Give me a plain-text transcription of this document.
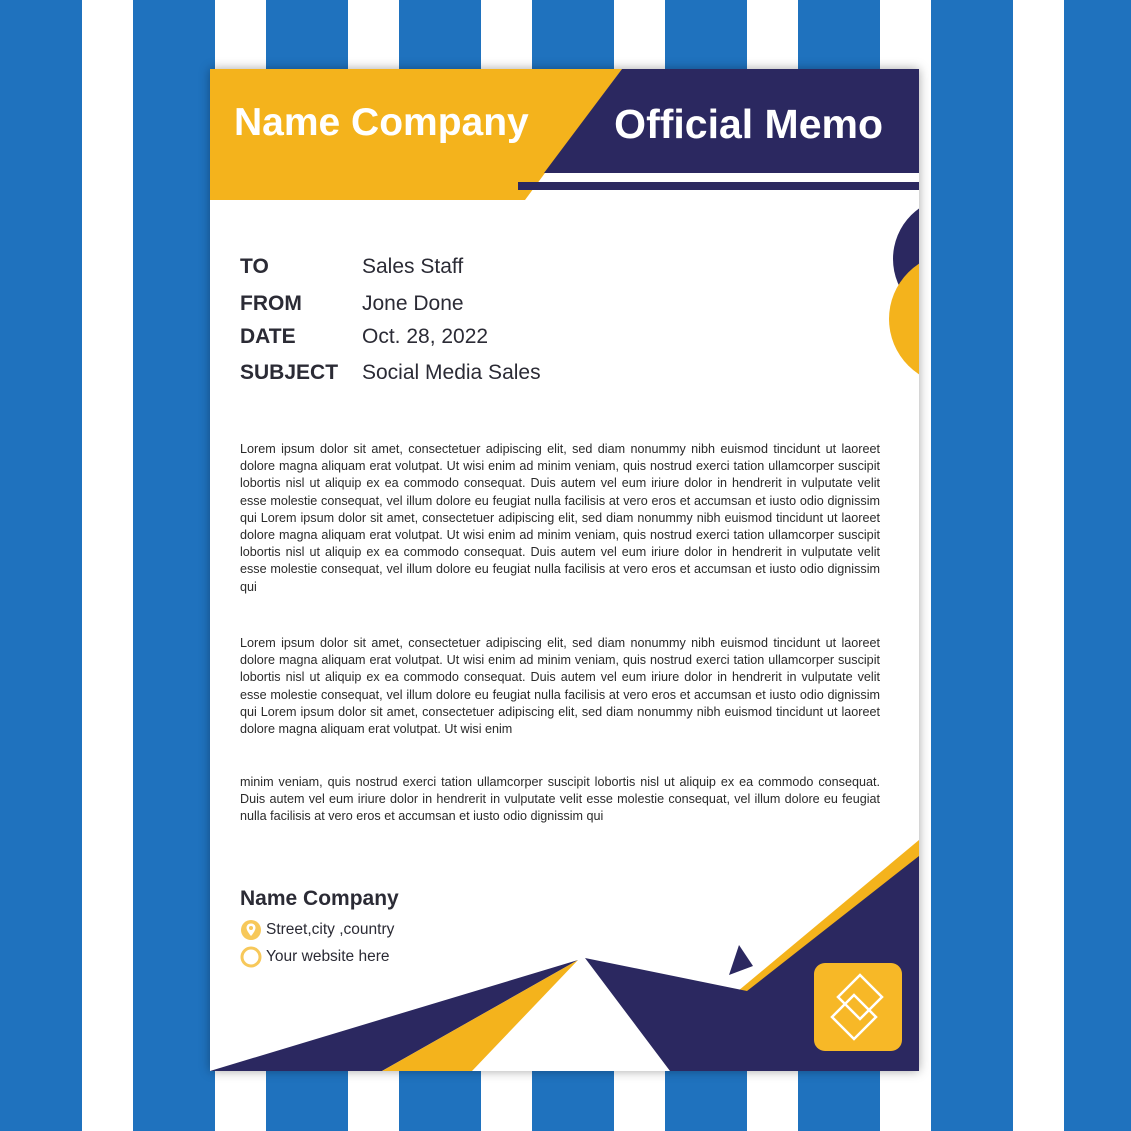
Name Company Official Memo
TO	Sales Staff
FROM	Jone Done
DATE	Oct. 28, 2022
SUBJECT Social Media Sales

Lorem ipsum dolor sit amet, consectetuer adipiscing elit, sed diam nonummy nibh euismod tincidunt ut laoreet dolore magna aliquam erat volutpat. Ut wisi enim ad minim veniam, quis nostrud exerci tation ullamcorper suscipit lobortis nisl ut aliquip ex ea commodo consequat. Duis autem vel eum iriure dolor in hendrerit in vulputate velit esse molestie consequat, vel illum dolore eu feugiat nulla facilisis at vero eros et accumsan et iusto odio dignissim qui Lorem ipsum dolor sit amet, consectetuer adipiscing elit, sed diam nonummy nibh euismod tincidunt ut laoreet dolore magna aliquam erat volutpat. Ut wisi enim ad minim veniam, quis nostrud exerci tation ullamcorper suscipit lobortis nisl ut aliquip ex ea commodo consequat. Duis autem vel eum iriure dolor in hendrerit in vulputate velit esse molestie consequat, vel illum dolore eu feugiat nulla facilisis at vero eros et accumsan et iusto odio dignissim qui

Lorem ipsum dolor sit amet, consectetuer adipiscing elit, sed diam nonummy nibh euismod tincidunt ut laoreet dolore magna aliquam erat volutpat. Ut wisi enim ad minim veniam, quis nostrud exerci tation ullamcorper suscipit lobortis nisl ut aliquip ex ea commodo consequat. Duis autem vel eum iriure dolor in hendrerit in vulputate velit esse molestie consequat, vel illum dolore eu feugiat nulla facilisis at vero eros et accumsan et iusto odio dignissim qui Lorem ipsum dolor sit amet, consectetuer adipiscing elit, sed diam nonummy nibh euismod tincidunt ut laoreet dolore magna aliquam erat volutpat. Ut wisi enim

minim veniam, quis nostrud exerci tation ullamcorper suscipit lobortis nisl ut aliquip ex ea commodo consequat. Duis autem vel eum iriure dolor in hendrerit in vulputate velit esse molestie consequat, vel illum dolore eu feugiat nulla facilisis at vero eros et accumsan et iusto odio dignissim qui

Name Company
Street,city ,country
Your website here
